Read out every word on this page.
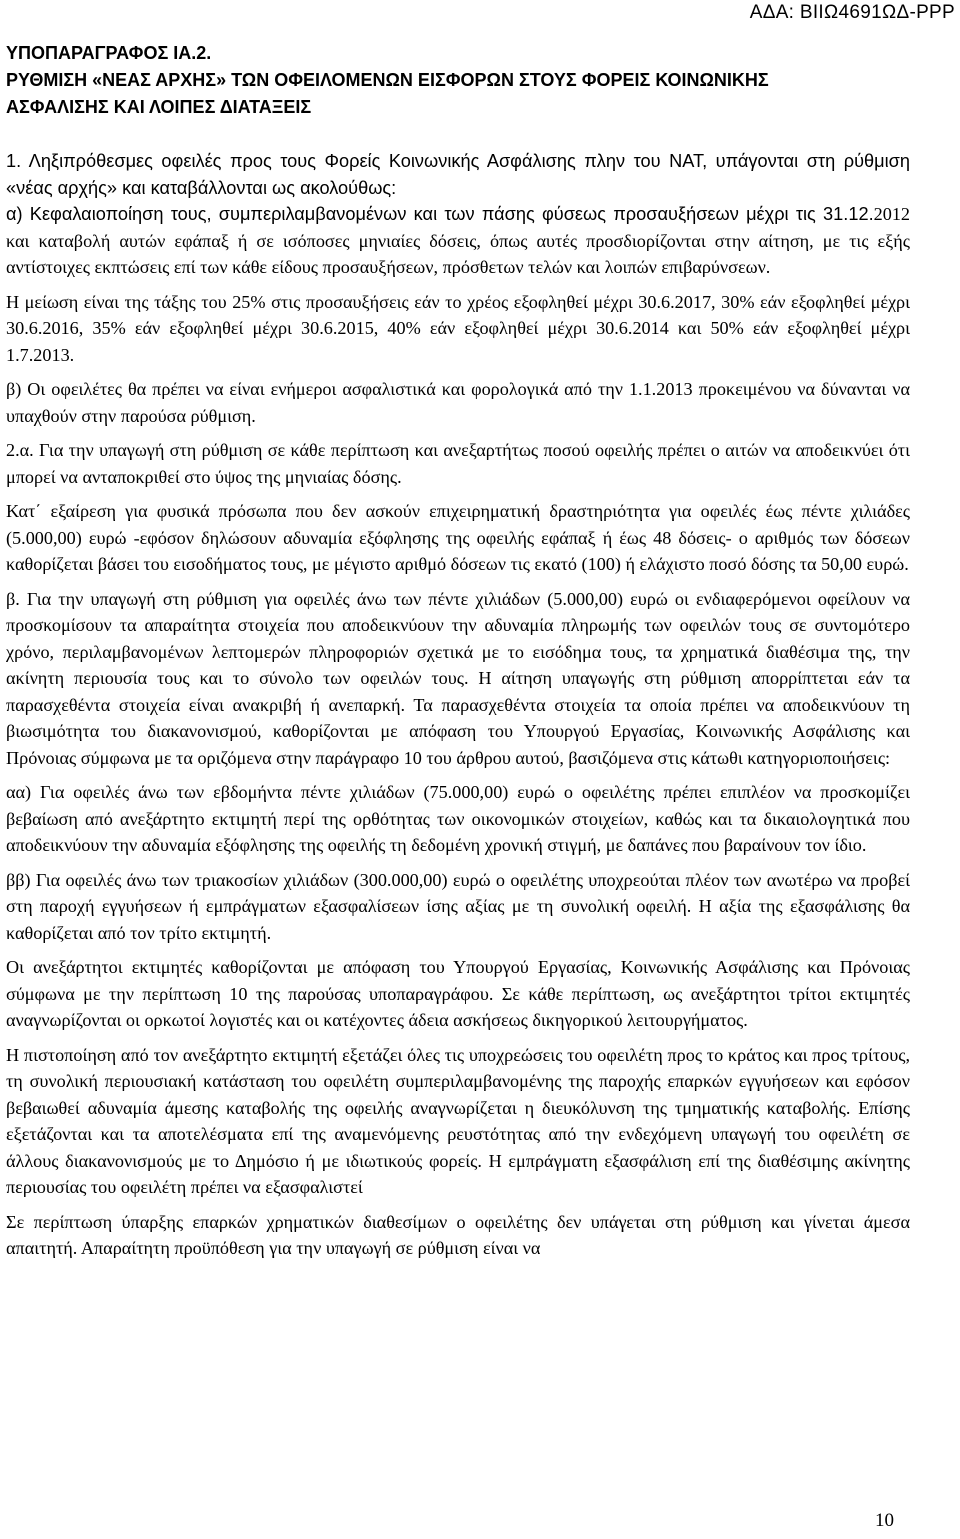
ΑΔΑ: ΒΙΙΩ4691ΩΔ-ΡΡΡ
ΥΠΟΠΑΡΑΓΡΑΦΟΣ ΙΑ.2.
ΡΥΘΜΙΣΗ «ΝΕΑΣ ΑΡΧΗΣ» ΤΩΝ ΟΦΕΙΛΟΜΕΝΩΝ ΕΙΣΦΟΡΩΝ ΣΤΟΥΣ ΦΟΡΕΙΣ ΚΟΙΝΩΝΙΚΗΣ
ΑΣΦΑΛΙΣΗΣ ΚΑΙ ΛΟΙΠΕΣ ΔΙΑΤΑΞΕΙΣ

1. Ληξιπρόθεσμες οφειλές προς τους Φορείς Κοινωνικής Ασφάλισης πλην του ΝΑΤ, υπάγονται στη ρύθμιση «νέας αρχής» και καταβάλλονται ως ακολούθως:

α) Κεφαλαιοποίηση τους, συμπεριλαμβανομένων και των πάσης φύσεως προσαυξήσεων μέχρι τις 31.12.2012 και καταβολή αυτών εφάπαξ ή σε ισόποσες μηνιαίες δόσεις, όπως αυτές προσδιορίζονται στην αίτηση, με τις εξής αντίστοιχες εκπτώσεις επί των κάθε είδους προσαυξήσεων, πρόσθετων τελών και λοιπών επιβαρύνσεων.

Η μείωση είναι της τάξης του 25% στις προσαυξήσεις εάν το χρέος εξοφληθεί μέχρι 30.6.2017, 30% εάν εξοφληθεί μέχρι 30.6.2016, 35% εάν εξοφληθεί μέχρι 30.6.2015, 40% εάν εξοφληθεί μέχρι 30.6.2014 και 50% εάν εξοφληθεί μέχρι 1.7.2013.

β) Οι οφειλέτες θα πρέπει να είναι ενήμεροι ασφαλιστικά και φορολογικά από την 1.1.2013 προκειμένου να δύνανται να υπαχθούν στην παρούσα ρύθμιση.

2.α. Για την υπαγωγή στη ρύθμιση σε κάθε περίπτωση και ανεξαρτήτως ποσού οφειλής πρέπει ο αιτών να αποδεικνύει ότι μπορεί να ανταποκριθεί στο ύψος της μηνιαίας δόσης.

Κατ΄ εξαίρεση για φυσικά πρόσωπα που δεν ασκούν επιχειρηματική δραστηριότητα για οφειλές έως πέντε χιλιάδες (5.000,00) ευρώ -εφόσον δηλώσουν αδυναμία εξόφλησης της οφειλής εφάπαξ ή έως 48 δόσεις- ο αριθμός των δόσεων καθορίζεται βάσει του εισοδήματος τους, με μέγιστο αριθμό δόσεων τις εκατό (100) ή ελάχιστο ποσό δόσης τα 50,00 ευρώ.

β. Για την υπαγωγή στη ρύθμιση για οφειλές άνω των πέντε χιλιάδων (5.000,00) ευρώ οι ενδιαφερόμενοι οφείλουν να προσκομίσουν τα απαραίτητα στοιχεία που αποδεικνύουν την αδυναμία πληρωμής των οφειλών τους σε συντομότερο χρόνο, περιλαμβανομένων λεπτομερών πληροφοριών σχετικά με το εισόδημα τους, τα χρηματικά διαθέσιμα της, την ακίνητη περιουσία τους και το σύνολο των οφειλών τους. Η αίτηση υπαγωγής στη ρύθμιση απορρίπτεται εάν τα παρασχεθέντα στοιχεία είναι ανακριβή ή ανεπαρκή. Τα παρασχεθέντα στοιχεία τα οποία πρέπει να αποδεικνύουν τη βιωσιμότητα του διακανονισμού, καθορίζονται με απόφαση του Υπουργού Εργασίας, Κοινωνικής Ασφάλισης και Πρόνοιας σύμφωνα με τα οριζόμενα στην παράγραφο 10 του άρθρου αυτού, βασιζόμενα στις κάτωθι κατηγοριοποιήσεις:

αα) Για οφειλές άνω των εβδομήντα πέντε χιλιάδων (75.000,00) ευρώ ο οφειλέτης πρέπει επιπλέον να προσκομίζει βεβαίωση από ανεξάρτητο εκτιμητή περί της ορθότητας των οικονομικών στοιχείων, καθώς και τα δικαιολογητικά που αποδεικνύουν την αδυναμία εξόφλησης της οφειλής τη δεδομένη χρονική στιγμή, με δαπάνες που βαραίνουν τον ίδιο.

ββ) Για οφειλές άνω των τριακοσίων χιλιάδων (300.000,00) ευρώ ο οφειλέτης υποχρεούται πλέον των ανωτέρω να προβεί στη παροχή εγγυήσεων ή εμπράγματων εξασφαλίσεων ίσης αξίας με τη συνολική οφειλή. Η αξία της εξασφάλισης θα καθορίζεται από τον τρίτο εκτιμητή.

Οι ανεξάρτητοι εκτιμητές καθορίζονται με απόφαση του Υπουργού Εργασίας, Κοινωνικής Ασφάλισης και Πρόνοιας σύμφωνα με την περίπτωση 10 της παρούσας υποπαραγράφου. Σε κάθε περίπτωση, ως ανεξάρτητοι τρίτοι εκτιμητές αναγνωρίζονται οι ορκωτοί λογιστές και οι κατέχοντες άδεια ασκήσεως δικηγορικού λειτουργήματος.

Η πιστοποίηση από τον ανεξάρτητο εκτιμητή εξετάζει όλες τις υποχρεώσεις του οφειλέτη προς το κράτος και προς τρίτους, τη συνολική περιουσιακή κατάσταση του οφειλέτη συμπεριλαμβανομένης της παροχής επαρκών εγγυήσεων και εφόσον βεβαιωθεί αδυναμία άμεσης καταβολής της οφειλής αναγνωρίζεται η διευκόλυνση της τμηματικής καταβολής. Επίσης εξετάζονται και τα αποτελέσματα επί της αναμενόμενης ρευστότητας από την ενδεχόμενη υπαγωγή του οφειλέτη σε άλλους διακανονισμούς με το Δημόσιο ή με ιδιωτικούς φορείς. Η εμπράγματη εξασφάλιση επί της διαθέσιμης ακίνητης περιουσίας του οφειλέτη πρέπει να εξασφαλιστεί

Σε περίπτωση ύπαρξης επαρκών χρηματικών διαθεσίμων ο οφειλέτης δεν υπάγεται στη ρύθμιση και γίνεται άμεσα απαιτητή. Απαραίτητη προϋπόθεση για την υπαγωγή σε ρύθμιση είναι να

10
